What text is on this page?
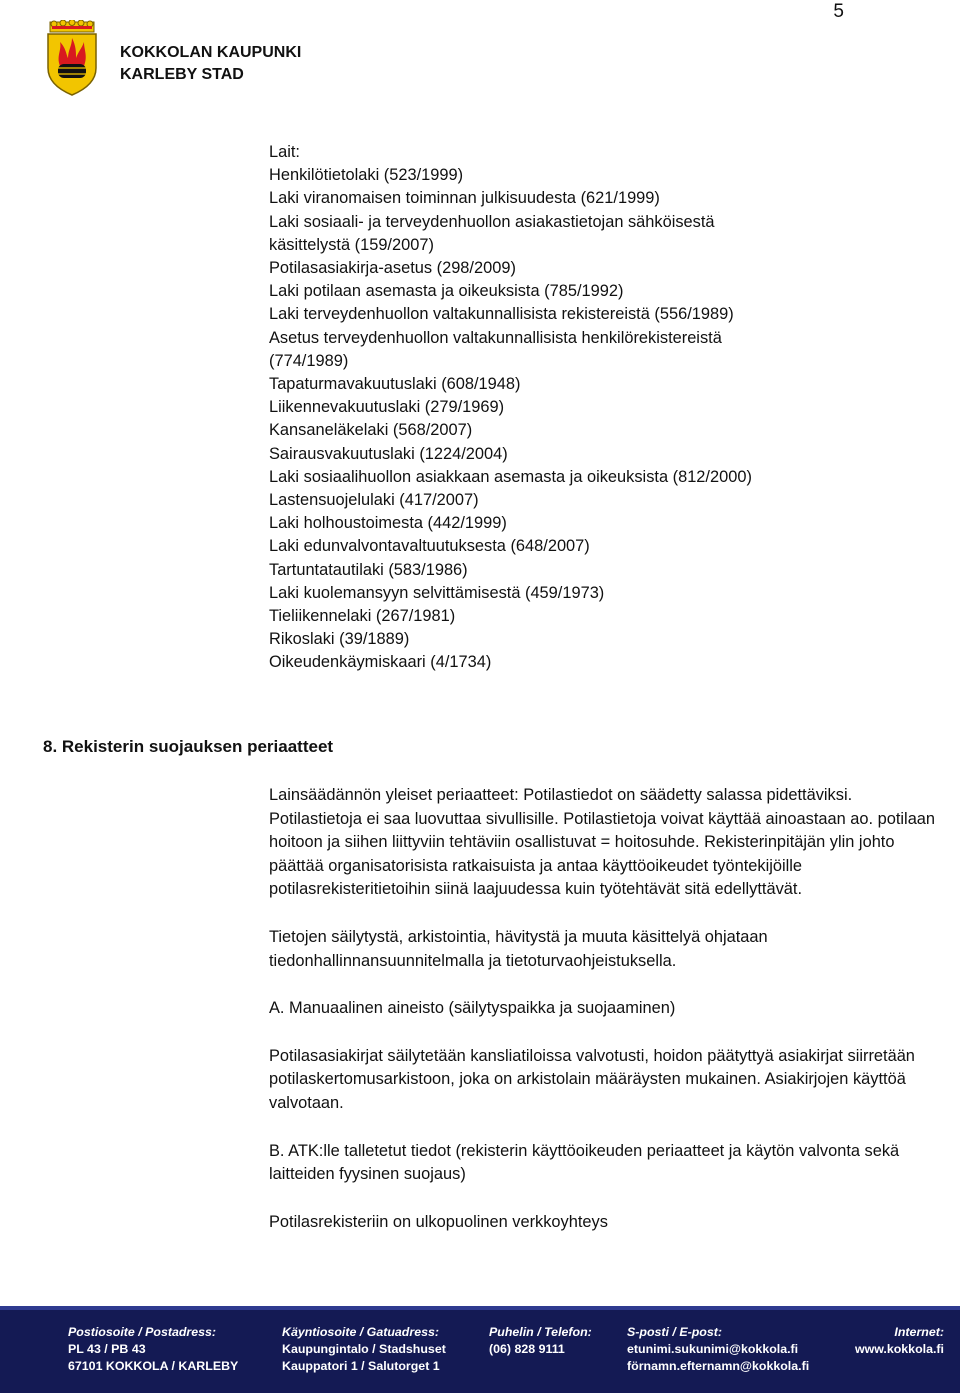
5
KOKKOLAN KAUPUNKI
KARLEBY STAD
Lait:
Henkilötietolaki (523/1999)
Laki viranomaisen toiminnan julkisuudesta (621/1999)
Laki sosiaali- ja terveydenhuollon asiakastietojan sähköisestä
käsittelystä (159/2007)
Potilasasiakirja-asetus (298/2009)
Laki potilaan asemasta ja oikeuksista (785/1992)
Laki terveydenhuollon valtakunnallisista rekistereistä (556/1989)
Asetus terveydenhuollon valtakunnallisista henkilörekistereistä
(774/1989)
Tapaturmavakuutuslaki (608/1948)
Liikennevakuutuslaki (279/1969)
Kansaneläkelaki (568/2007)
Sairausvakuutuslaki (1224/2004)
Laki sosiaalihuollon asiakkaan asemasta ja oikeuksista (812/2000)
Lastensuojelulaki (417/2007)
Laki holhoustoimesta (442/1999)
Laki edunvalvontavaltuutuksesta (648/2007)
Tartuntatautilaki (583/1986)
Laki kuolemansyyn selvittämisestä (459/1973)
Tieliikennelaki (267/1981)
Rikoslaki (39/1889)
Oikeudenkäymiskaari (4/1734)
8. Rekisterin suojauksen periaatteet

Lainsäädännön yleiset periaatteet: Potilastiedot on säädetty salassa pidettäviksi. Potilastietoja ei saa luovuttaa sivullisille. Potilastietoja voivat käyttää ainoastaan ao. potilaan hoitoon ja siihen liittyviin tehtäviin osallistuvat = hoitosuhde. Rekisterinpitäjän ylin johto päättää organisatorisista ratkaisuista ja antaa käyttöoikeudet työntekijöille potilasrekisteritietoihin siinä laajuudessa kuin työtehtävät sitä edellyttävät.

Tietojen säilytystä, arkistointia, hävitystä ja muuta käsittelyä ohjataan tiedonhallinnansuunnitelmalla ja tietoturvaohjeistuksella.

A. Manuaalinen aineisto (säilytyspaikka ja suojaaminen)

Potilasasiakirjat säilytetään kansliatiloissa valvotusti, hoidon päätyttyä asiakirjat siirretään potilaskertomusarkistoon, joka on arkistolain määräysten mukainen. Asiakirjojen käyttöä valvotaan.

B. ATK:lle talletetut tiedot (rekisterin käyttöoikeuden periaatteet ja käytön valvonta sekä laitteiden fyysinen suojaus)

Potilasrekisteriin on ulkopuolinen verkkoyhteys

Postiosoite / Postadress:
PL 43 / PB 43
67101 KOKKOLA / KARLEBY
Käyntiosoite / Gatuadress:
Kaupungintalo / Stadshuset
Kauppatori 1 / Salutorget 1
Puhelin / Telefon:
(06) 828 9111
S-posti / E-post:
etunimi.sukunimi@kokkola.fi
förnamn.efternamn@kokkola.fi
Internet:
www.kokkola.fi
